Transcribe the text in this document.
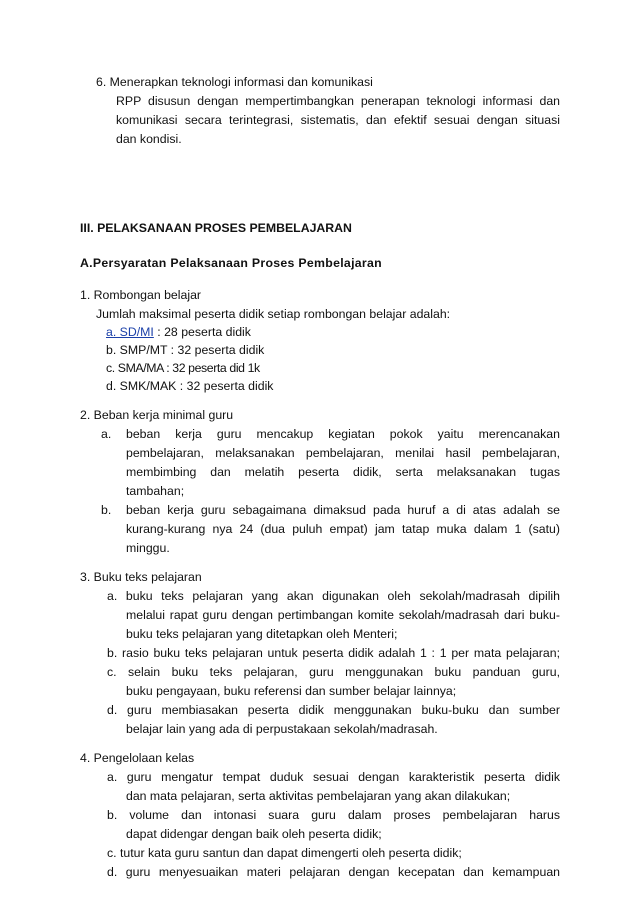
6. Menerapkan teknologi informasi dan komunikasi
RPP disusun dengan mempertimbangkan penerapan teknologi informasi dan
komunikasi secara terintegrasi, sistematis, dan efektif sesuai dengan situasi
dan kondisi.
III. PELAKSANAAN PROSES PEMBELAJARAN
A.Persyaratan Pelaksanaan Proses Pembelajaran
1. Rombongan belajar
Jumlah maksimal peserta didik setiap rombongan belajar adalah:
a. SD/MI : 28 peserta didik
b. SMP/MT : 32 peserta didik
c. SMA/MA : 32 peserta did 1k
d. SMK/MAK : 32 peserta didik
2. Beban kerja minimal guru
a. beban kerja guru mencakup kegiatan pokok yaitu merencanakan
pembelajaran, melaksanakan pembelajaran, menilai hasil pembelajaran,
membimbing dan melatih peserta didik, serta melaksanakan tugas
tambahan;
b. beban kerja guru sebagaimana dimaksud pada huruf a di atas adalah se
kurang-kurang nya 24 (dua puluh empat) jam tatap muka dalam 1 (satu)
minggu.
3. Buku teks pelajaran
a. buku teks pelajaran yang akan digunakan oleh sekolah/madrasah dipilih
melalui rapat guru dengan pertimbangan komite sekolah/madrasah dari buku-
buku teks pelajaran yang ditetapkan oleh Menteri;
b. rasio buku teks pelajaran untuk peserta didik adalah 1 : 1 per mata pelajaran;
c. selain buku teks pelajaran, guru menggunakan buku panduan guru,
buku pengayaan, buku referensi dan sumber belajar lainnya;
d. guru membiasakan peserta didik menggunakan buku-buku dan sumber
belajar lain yang ada di perpustakaan sekolah/madrasah.
4. Pengelolaan kelas
a. guru mengatur tempat duduk sesuai dengan karakteristik peserta didik
dan mata pelajaran, serta aktivitas pembelajaran yang akan dilakukan;
b. volume dan intonasi suara guru dalam proses pembelajaran harus
dapat didengar dengan baik oleh peserta didik;
c. tutur kata guru santun dan dapat dimengerti oleh peserta didik;
d. guru menyesuaikan materi pelajaran dengan kecepatan dan kemampuan
